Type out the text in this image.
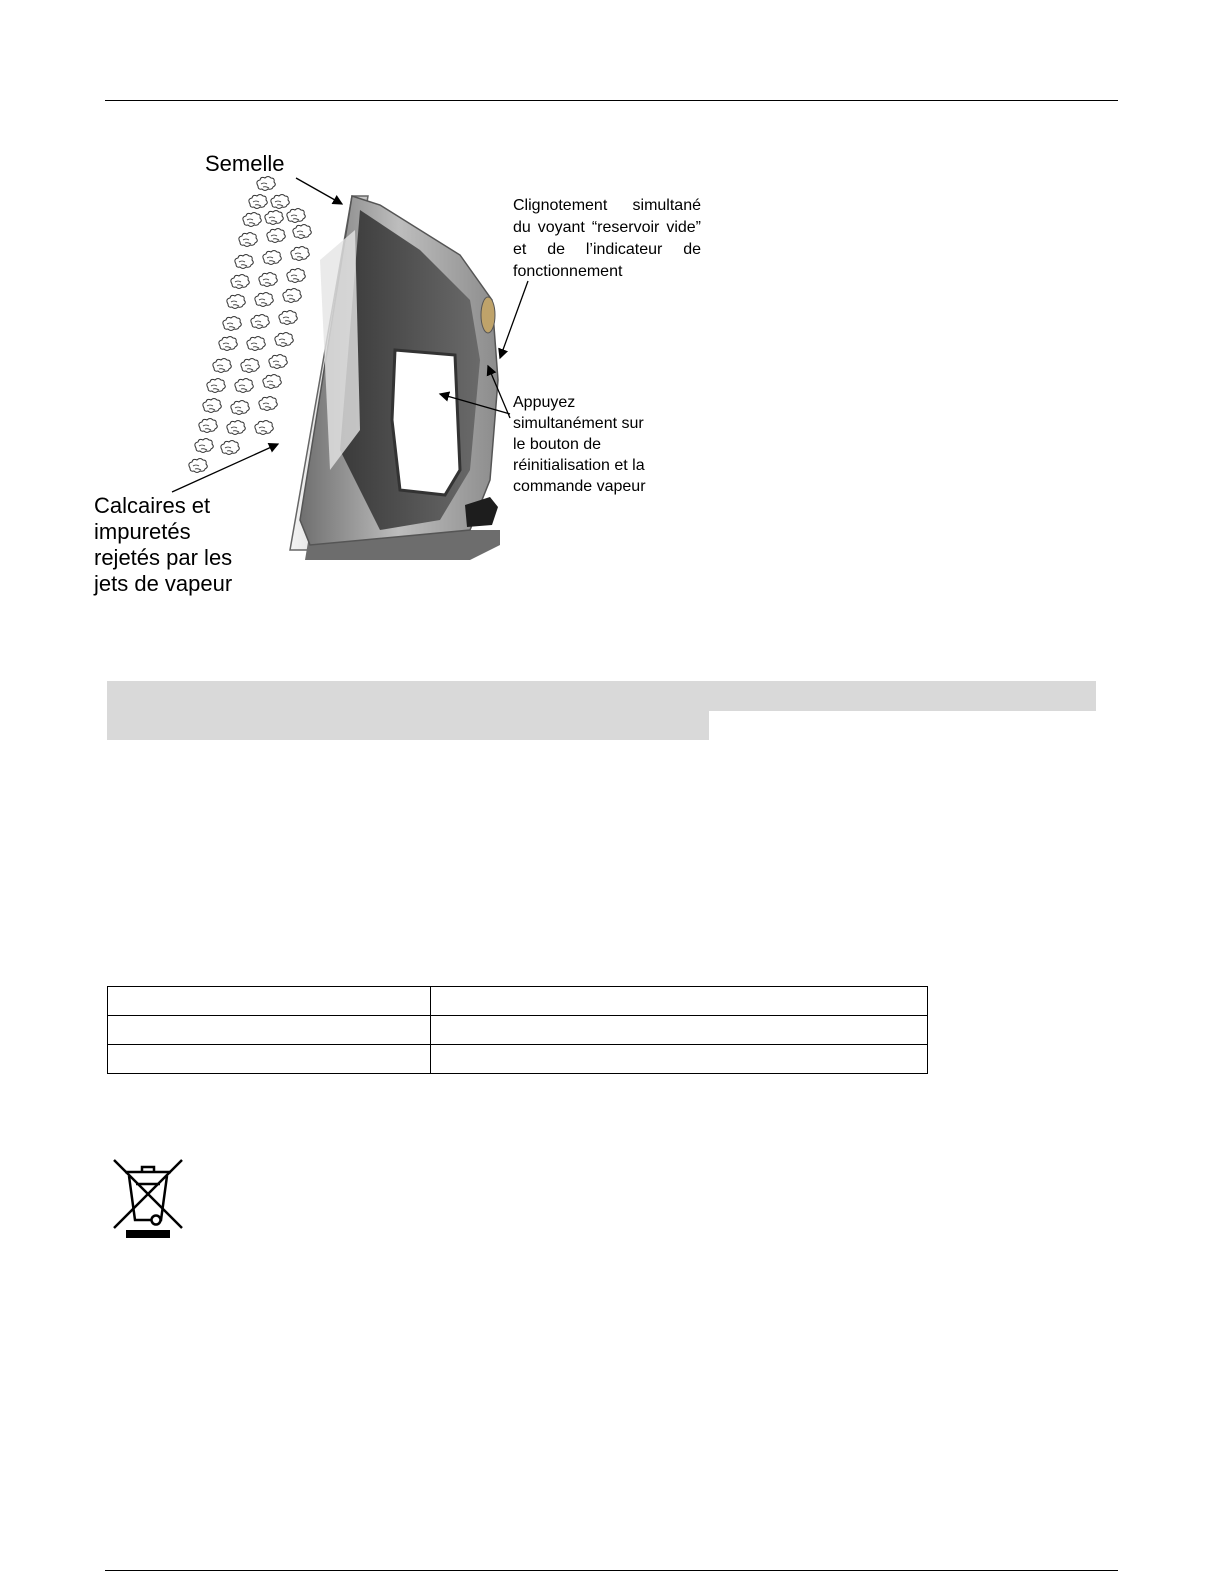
Semelle
Calcaires et
impuretés
rejetés par les
jets de vapeur
Clignotement simultané du voyant “reservoir vide” et de l’indicateur de fonctionnement
Appuyez
simultanément sur
le bouton de
réinitialisation et la
commande vapeur
